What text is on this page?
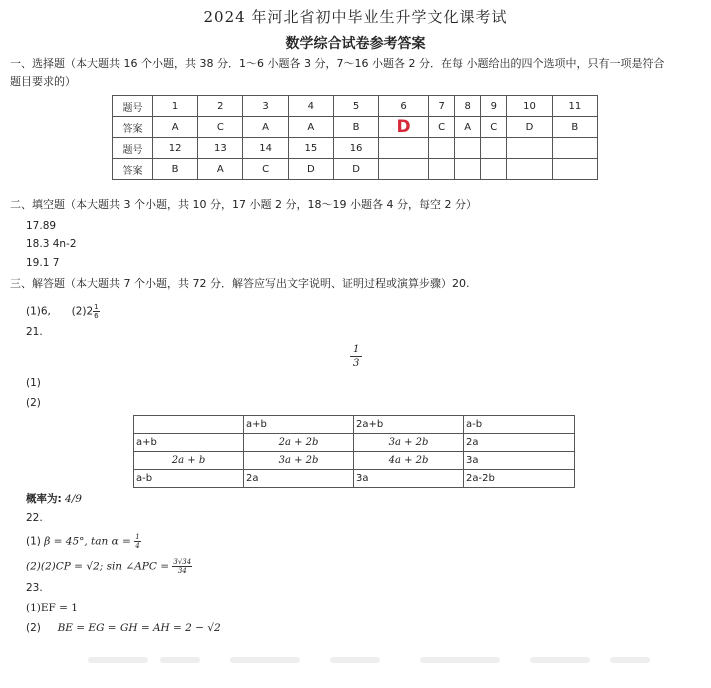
2024 年河北省初中毕业生升学文化课考试
数学综合试卷参考答案
一、选择题（本大题共 16 个小题，共 38 分．1～6 小题各 3 分，7～16 小题各 2 分．在每 小题给出的四个选项中，只有一项是符合
题目要求的）
题号	1	2	3	4	5	6	7	8	9	10	11
答案	A	C	A	A	B	D	C	A	C	D	B
题号	12	13	14	15	16						
答案	B	A	C	D	D						
二、填空题（本大题共 3 个小题，共 10 分，17 小题 2 分，18～19 小题各 4 分，每空 2 分）
17.89
18.3 4n-2
19.1 7
三、解答题（本大题共 7 个小题，共 72 分．解答应写出文字说明、证明过程或演算步骤）20.
(1)6, $(2)2 \frac{1}{6}$
21.
$\frac{1}{3}$
(1)
(2)
	a+b	2a+b	a-b
a+b	2a + 2b	3a + 2b	2a
2a + b	3a + 2b	4a + 2b	3a
a-b	2a	3a	2a-2b
概率为: 4/9
22.
(1) β = 45°, $\tan \alpha = \frac{1}{4}$
(2)(2)CP = √2; sin ∠APC = $\frac{3√34}{34}$
23.
(1)EF = 1
(2) BE = EG = GH = AH = 2 − √2
